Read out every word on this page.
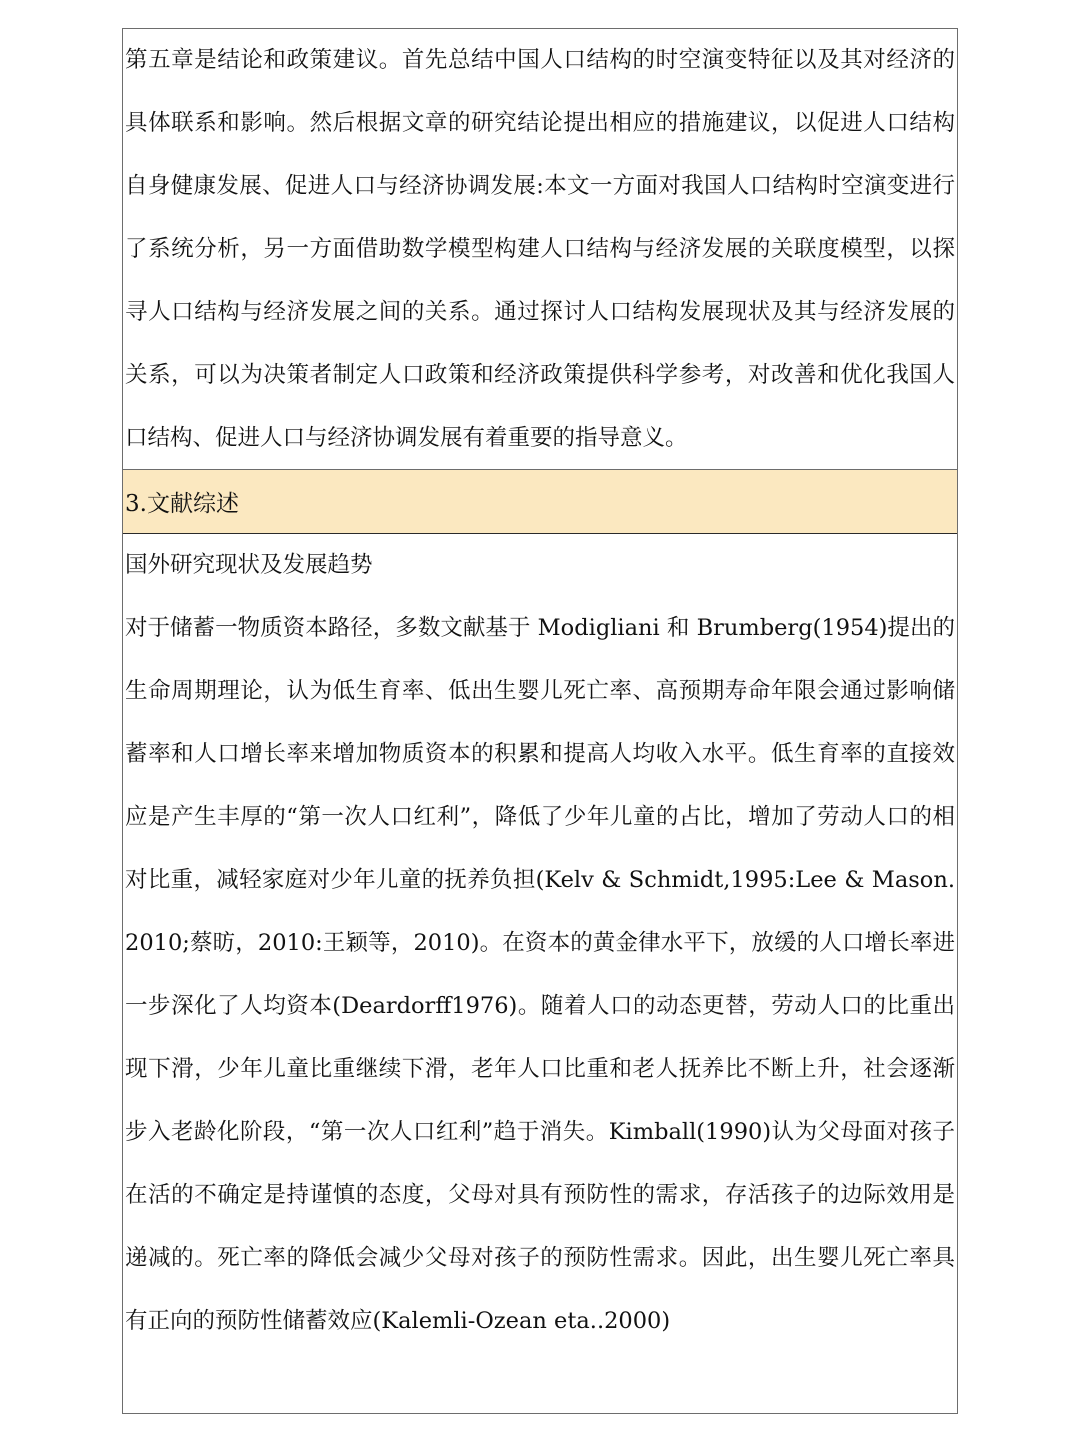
第五章是结论和政策建议。首先总结中国人口结构的时空演变特征以及其对经济的具体联系和影响。然后根据文章的研究结论提出相应的措施建议，以促进人口结构自身健康发展、促进人口与经济协调发展:本文一方面对我国人口结构时空演变进行了系统分析，另一方面借助数学模型构建人口结构与经济发展的关联度模型，以探寻人口结构与经济发展之间的关系。通过探讨人口结构发展现状及其与经济发展的关系，可以为决策者制定人口政策和经济政策提供科学参考，对改善和优化我国人口结构、促进人口与经济协调发展有着重要的指导意义。

3.文献综述

国外研究现状及发展趋势

对于储蓄一物质资本路径，多数文献基于 Modigliani 和 Brumberg(1954)提出的生命周期理论，认为低生育率、低出生婴儿死亡率、高预期寿命年限会通过影响储蓄率和人口增长率来增加物质资本的积累和提高人均收入水平。低生育率的直接效应是产生丰厚的“第一次人口红利”，降低了少年儿童的占比，增加了劳动人口的相对比重，减轻家庭对少年儿童的抚养负担(Kelv & Schmidt,1995:Lee & Mason.2010;蔡昉，2010:王颖等，2010)。在资本的黄金律水平下，放缓的人口增长率进一步深化了人均资本(Deardorff1976)。随着人口的动态更替，劳动人口的比重出现下滑，少年儿童比重继续下滑，老年人口比重和老人抚养比不断上升，社会逐渐步入老龄化阶段，“第一次人口红利”趋于消失。Kimball(1990)认为父母面对孩子在活的不确定是持谨慎的态度，父母对具有预防性的需求，存活孩子的边际效用是递减的。死亡率的降低会减少父母对孩子的预防性需求。因此，出生婴儿死亡率具有正向的预防性储蓄效应(Kalemli-Ozean eta..2000)
